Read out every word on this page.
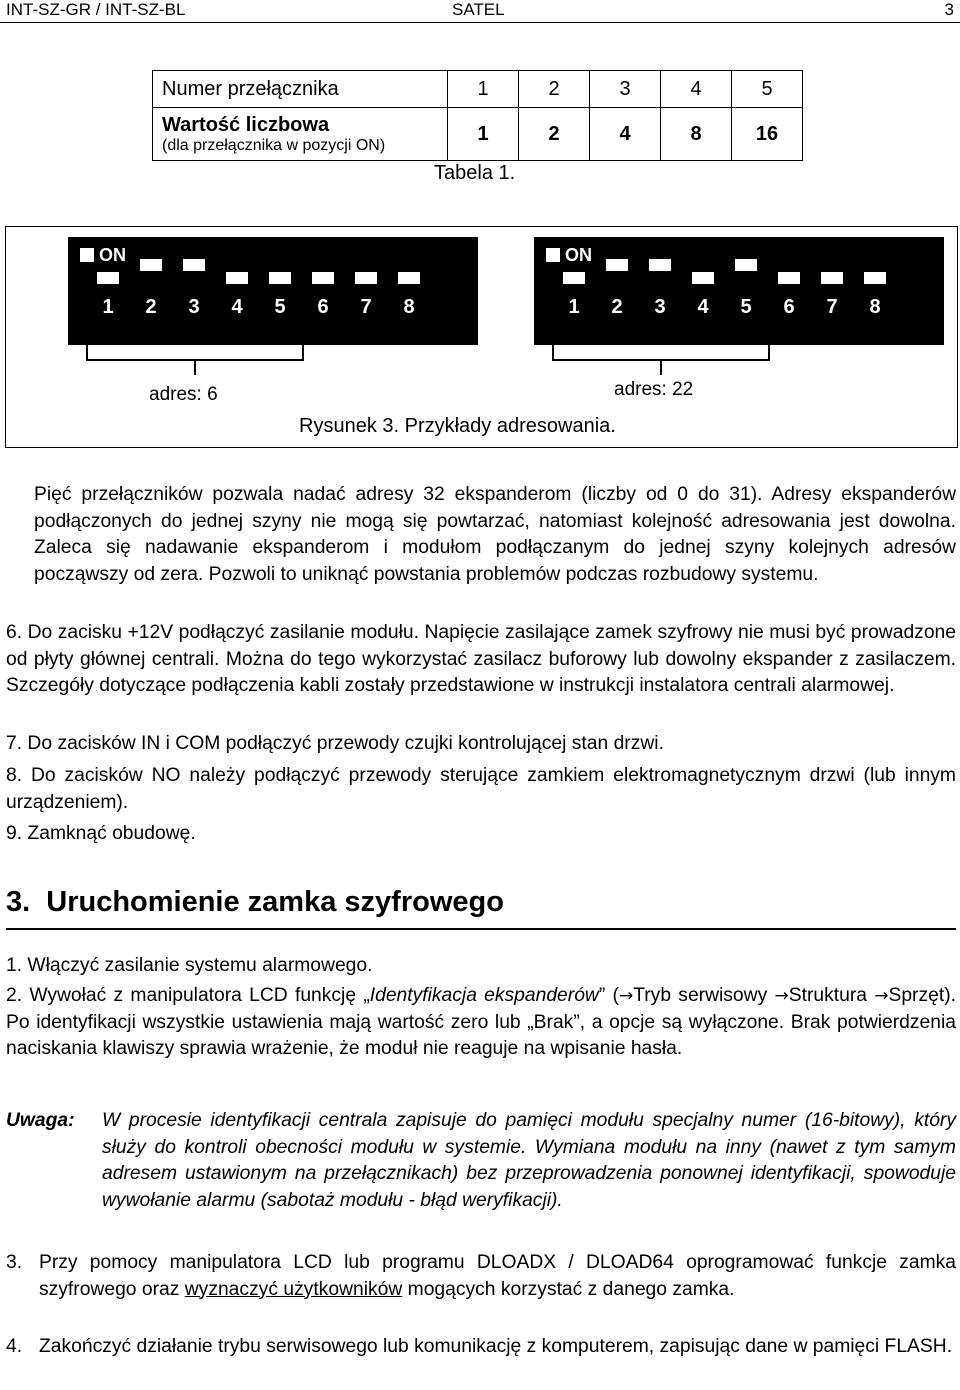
INT-SZ-GR / INT-SZ-BL	SATEL	3
Numer przełącznika	1	2	3	4	5

Wartość liczbowa
(dla przełącznika w pozycji ON)	1	2	4	8	16
Tabela 1.
ON
1	2	3	4	5	6	7	8
ON
1	2	3	4	5	6	7	8
adres: 6	adres: 22
Rysunek 3. Przykłady adresowania.
Pięć przełączników pozwala nadać adresy 32 ekspanderom (liczby od 0 do 31). Adresy ekspanderów podłączonych do jednej szyny nie mogą się powtarzać, natomiast kolejność adresowania jest dowolna. Zaleca się nadawanie ekspanderom i modułom podłączanym do jednej szyny kolejnych adresów począwszy od zera. Pozwoli to uniknąć powstania problemów podczas rozbudowy systemu.
6. Do zacisku +12V podłączyć zasilanie modułu. Napięcie zasilające zamek szyfrowy nie musi być prowadzone od płyty głównej centrali. Można do tego wykorzystać zasilacz buforowy lub dowolny ekspander z zasilaczem. Szczegóły dotyczące podłączenia kabli zostały przedstawione w instrukcji instalatora centrali alarmowej.
7. Do zacisków IN i COM podłączyć przewody czujki kontrolującej stan drzwi.
8. Do zacisków NO należy podłączyć przewody sterujące zamkiem elektromagnetycznym drzwi (lub innym urządzeniem).
9. Zamknąć obudowę.
3. Uruchomienie zamka szyfrowego
1. Włączyć zasilanie systemu alarmowego.
2. Wywołać z manipulatora LCD funkcję „Identyfikacja ekspanderów” (→Tryb serwisowy →Struktura →Sprzęt). Po identyfikacji wszystkie ustawienia mają wartość zero lub „Brak”, a opcje są wyłączone. Brak potwierdzenia naciskania klawiszy sprawia wrażenie, że moduł nie reaguje na wpisanie hasła.
Uwaga: W procesie identyfikacji centrala zapisuje do pamięci modułu specjalny numer (16-bitowy), który służy do kontroli obecności modułu w systemie. Wymiana modułu na inny (nawet z tym samym adresem ustawionym na przełącznikach) bez przeprowadzenia ponownej identyfikacji, spowoduje wywołanie alarmu (sabotaż modułu - błąd weryfikacji).
3. Przy pomocy manipulatora LCD lub programu DLOADX / DLOAD64 oprogramować funkcje zamka szyfrowego oraz wyznaczyć użytkowników mogących korzystać z danego zamka.
4. Zakończyć działanie trybu serwisowego lub komunikację z komputerem, zapisując dane w pamięci FLASH.
